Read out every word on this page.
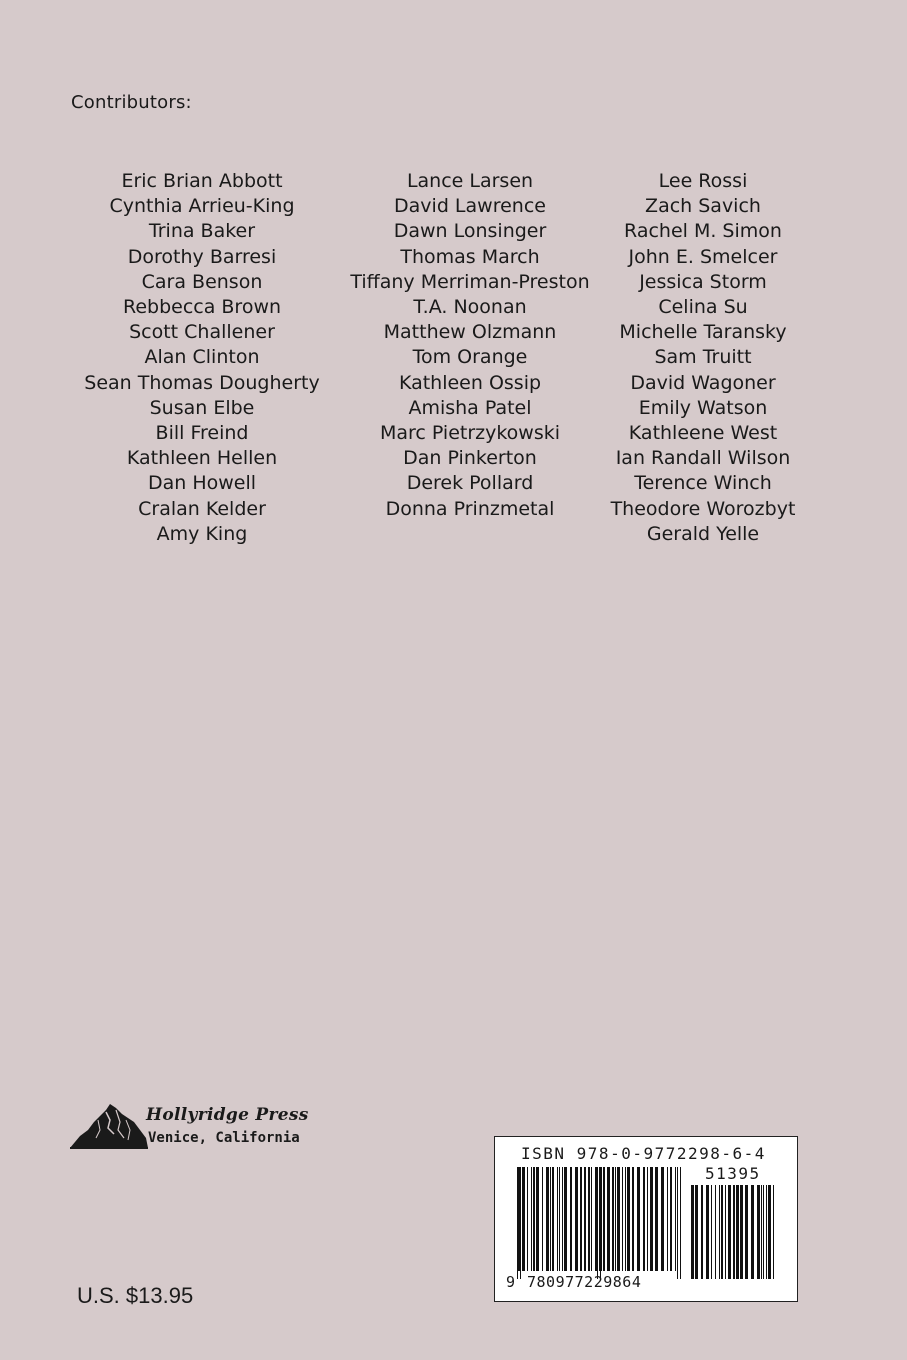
Contributors:
Eric Brian Abbott
Cynthia Arrieu-King
Trina Baker
Dorothy Barresi
Cara Benson
Rebbecca Brown
Scott Challener
Alan Clinton
Sean Thomas Dougherty
Susan Elbe
Bill Freind
Kathleen Hellen
Dan Howell
Cralan Kelder
Amy King
Lance Larsen
David Lawrence
Dawn Lonsinger
Thomas March
Tiffany Merriman-Preston
T.A. Noonan
Matthew Olzmann
Tom Orange
Kathleen Ossip
Amisha Patel
Marc Pietrzykowski
Dan Pinkerton
Derek Pollard
Donna Prinzmetal
Lee Rossi
Zach Savich
Rachel M. Simon
John E. Smelcer
Jessica Storm
Celina Su
Michelle Taransky
Sam Truitt
David Wagoner
Emily Watson
Kathleene West
Ian Randall Wilson
Terence Winch
Theodore Worozbyt
Gerald Yelle
Hollyridge Press
Venice, California
U.S. $13.95
ISBN 978-0-9772298-6-4
51395
9 780977229864
